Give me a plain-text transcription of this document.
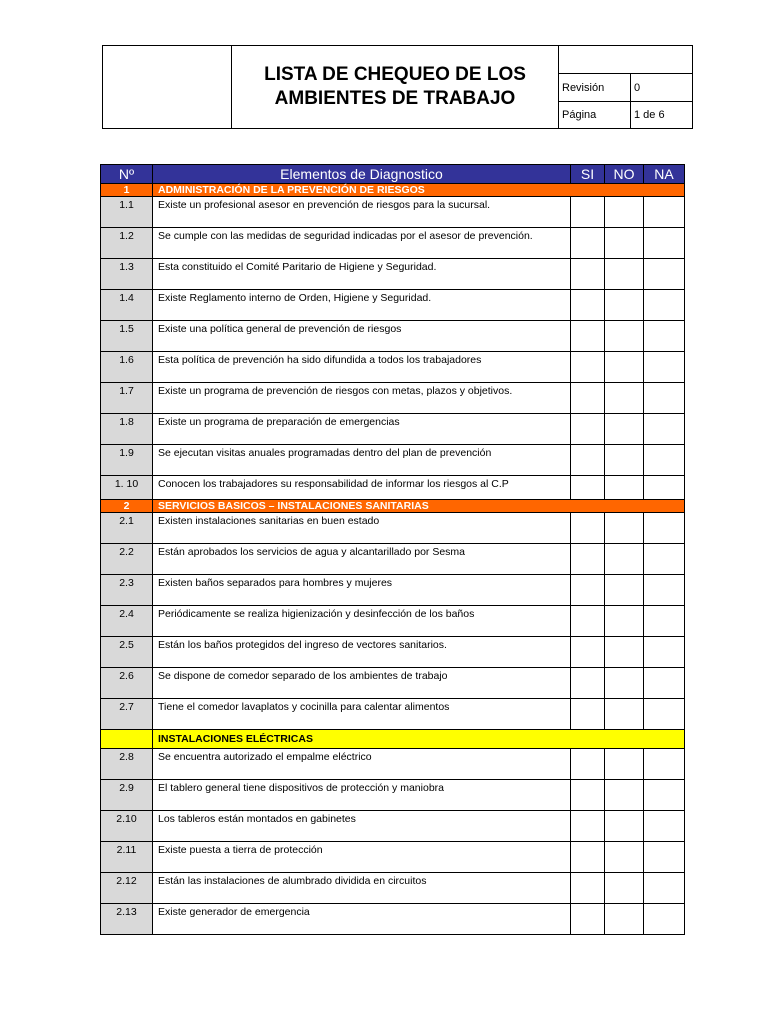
	LISTA DE CHEQUEO DE LOS
AMBIENTES DE TRABAJO		

		Revisión	0
		Página	1 de 6
Nº	Elementos de Diagnostico	SI	NO	NA
1	ADMINISTRACIÓN DE LA PREVENCIÓN DE RIESGOS			
1.1	Existe un profesional asesor en prevención de riesgos para la sucursal.			
1.2	Se cumple con las medidas de seguridad indicadas por el asesor de prevención.			
1.3	Esta constituido el Comité Paritario de Higiene y Seguridad.			
1.4	Existe Reglamento interno de Orden, Higiene y Seguridad.			
1.5	Existe una política general de prevención de riesgos			
1.6	Esta política de prevención ha sido difundida a todos los trabajadores			
1.7	Existe un programa de prevención de riesgos con metas, plazos y objetivos.			
1.8	Existe un programa de preparación de emergencias			
1.9	Se ejecutan visitas anuales programadas dentro del plan de prevención			
1. 10	Conocen los trabajadores su responsabilidad de informar los riesgos al C.P			
2	SERVICIOS BASICOS – INSTALACIONES SANITARIAS			
2.1	Existen instalaciones sanitarias en buen estado			
2.2	Están aprobados los servicios de agua y alcantarillado por Sesma			
2.3	Existen baños separados para hombres y mujeres			
2.4	Periódicamente se realiza higienización y desinfección de los baños			
2.5	Están los baños protegidos del ingreso de vectores sanitarios.			
2.6	Se dispone de comedor separado de los ambientes de trabajo			
2.7	Tiene el comedor lavaplatos y cocinilla para calentar alimentos			
	INSTALACIONES ELÉCTRICAS			
2.8	Se encuentra autorizado el empalme eléctrico			
2.9	El tablero general tiene dispositivos de protección y maniobra			
2.10	Los tableros están montados en gabinetes			
2.11	Existe puesta a tierra de protección			
2.12	Están las instalaciones de alumbrado dividida en circuitos			
2.13	Existe generador de emergencia			
